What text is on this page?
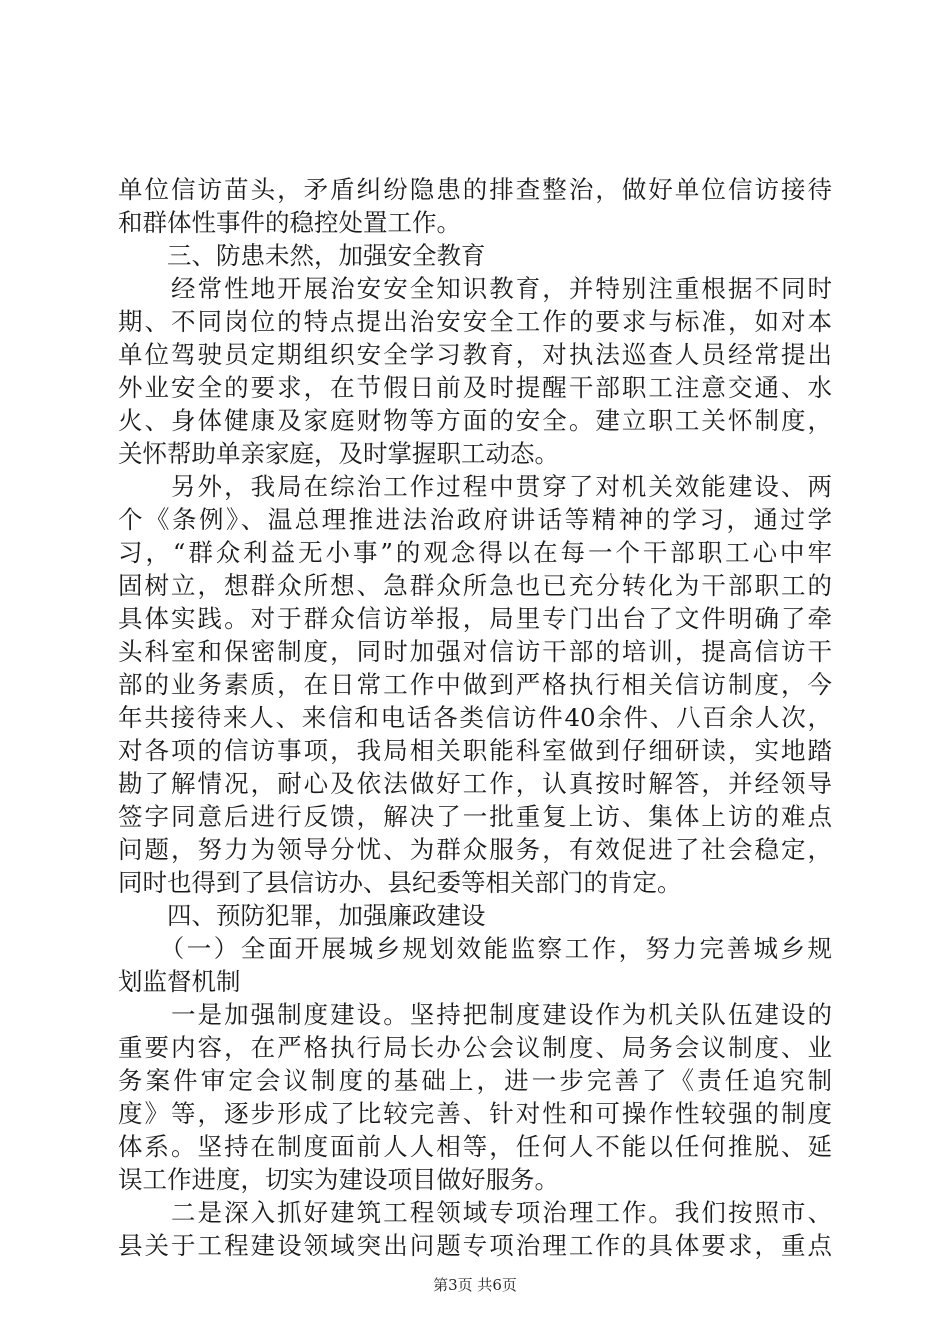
单位信访苗头，矛盾纠纷隐患的排查整治，做好单位信访接待
和群体性事件的稳控处置工作。
　　三、防患未然，加强安全教育
　　经常性地开展治安安全知识教育，并特别注重根据不同时
期、不同岗位的特点提出治安安全工作的要求与标准，如对本
单位驾驶员定期组织安全学习教育，对执法巡查人员经常提出
外业安全的要求，在节假日前及时提醒干部职工注意交通、水
火、身体健康及家庭财物等方面的安全。建立职工关怀制度，
关怀帮助单亲家庭，及时掌握职工动态。
　　另外，我局在综治工作过程中贯穿了对机关效能建设、两
个《条例》、温总理推进法治政府讲话等精神的学习，通过学
习，“群众利益无小事”的观念得以在每一个干部职工心中牢
固树立，想群众所想、急群众所急也已充分转化为干部职工的
具体实践。对于群众信访举报，局里专门出台了文件明确了牵
头科室和保密制度，同时加强对信访干部的培训，提高信访干
部的业务素质，在日常工作中做到严格执行相关信访制度，今
年共接待来人、来信和电话各类信访件40余件、八百余人次，
对各项的信访事项，我局相关职能科室做到仔细研读，实地踏
勘了解情况，耐心及依法做好工作，认真按时解答，并经领导
签字同意后进行反馈，解决了一批重复上访、集体上访的难点
问题，努力为领导分忧、为群众服务，有效促进了社会稳定，
同时也得到了县信访办、县纪委等相关部门的肯定。
　　四、预防犯罪，加强廉政建设
　　（一）全面开展城乡规划效能监察工作，努力完善城乡规
划监督机制
　　一是加强制度建设。坚持把制度建设作为机关队伍建设的
重要内容，在严格执行局长办公会议制度、局务会议制度、业
务案件审定会议制度的基础上，进一步完善了《责任追究制
度》等，逐步形成了比较完善、针对性和可操作性较强的制度
体系。坚持在制度面前人人相等，任何人不能以任何推脱、延
误工作进度，切实为建设项目做好服务。
　　二是深入抓好建筑工程领域专项治理工作。我们按照市、
县关于工程建设领域突出问题专项治理工作的具体要求，重点
第3页 共6页
